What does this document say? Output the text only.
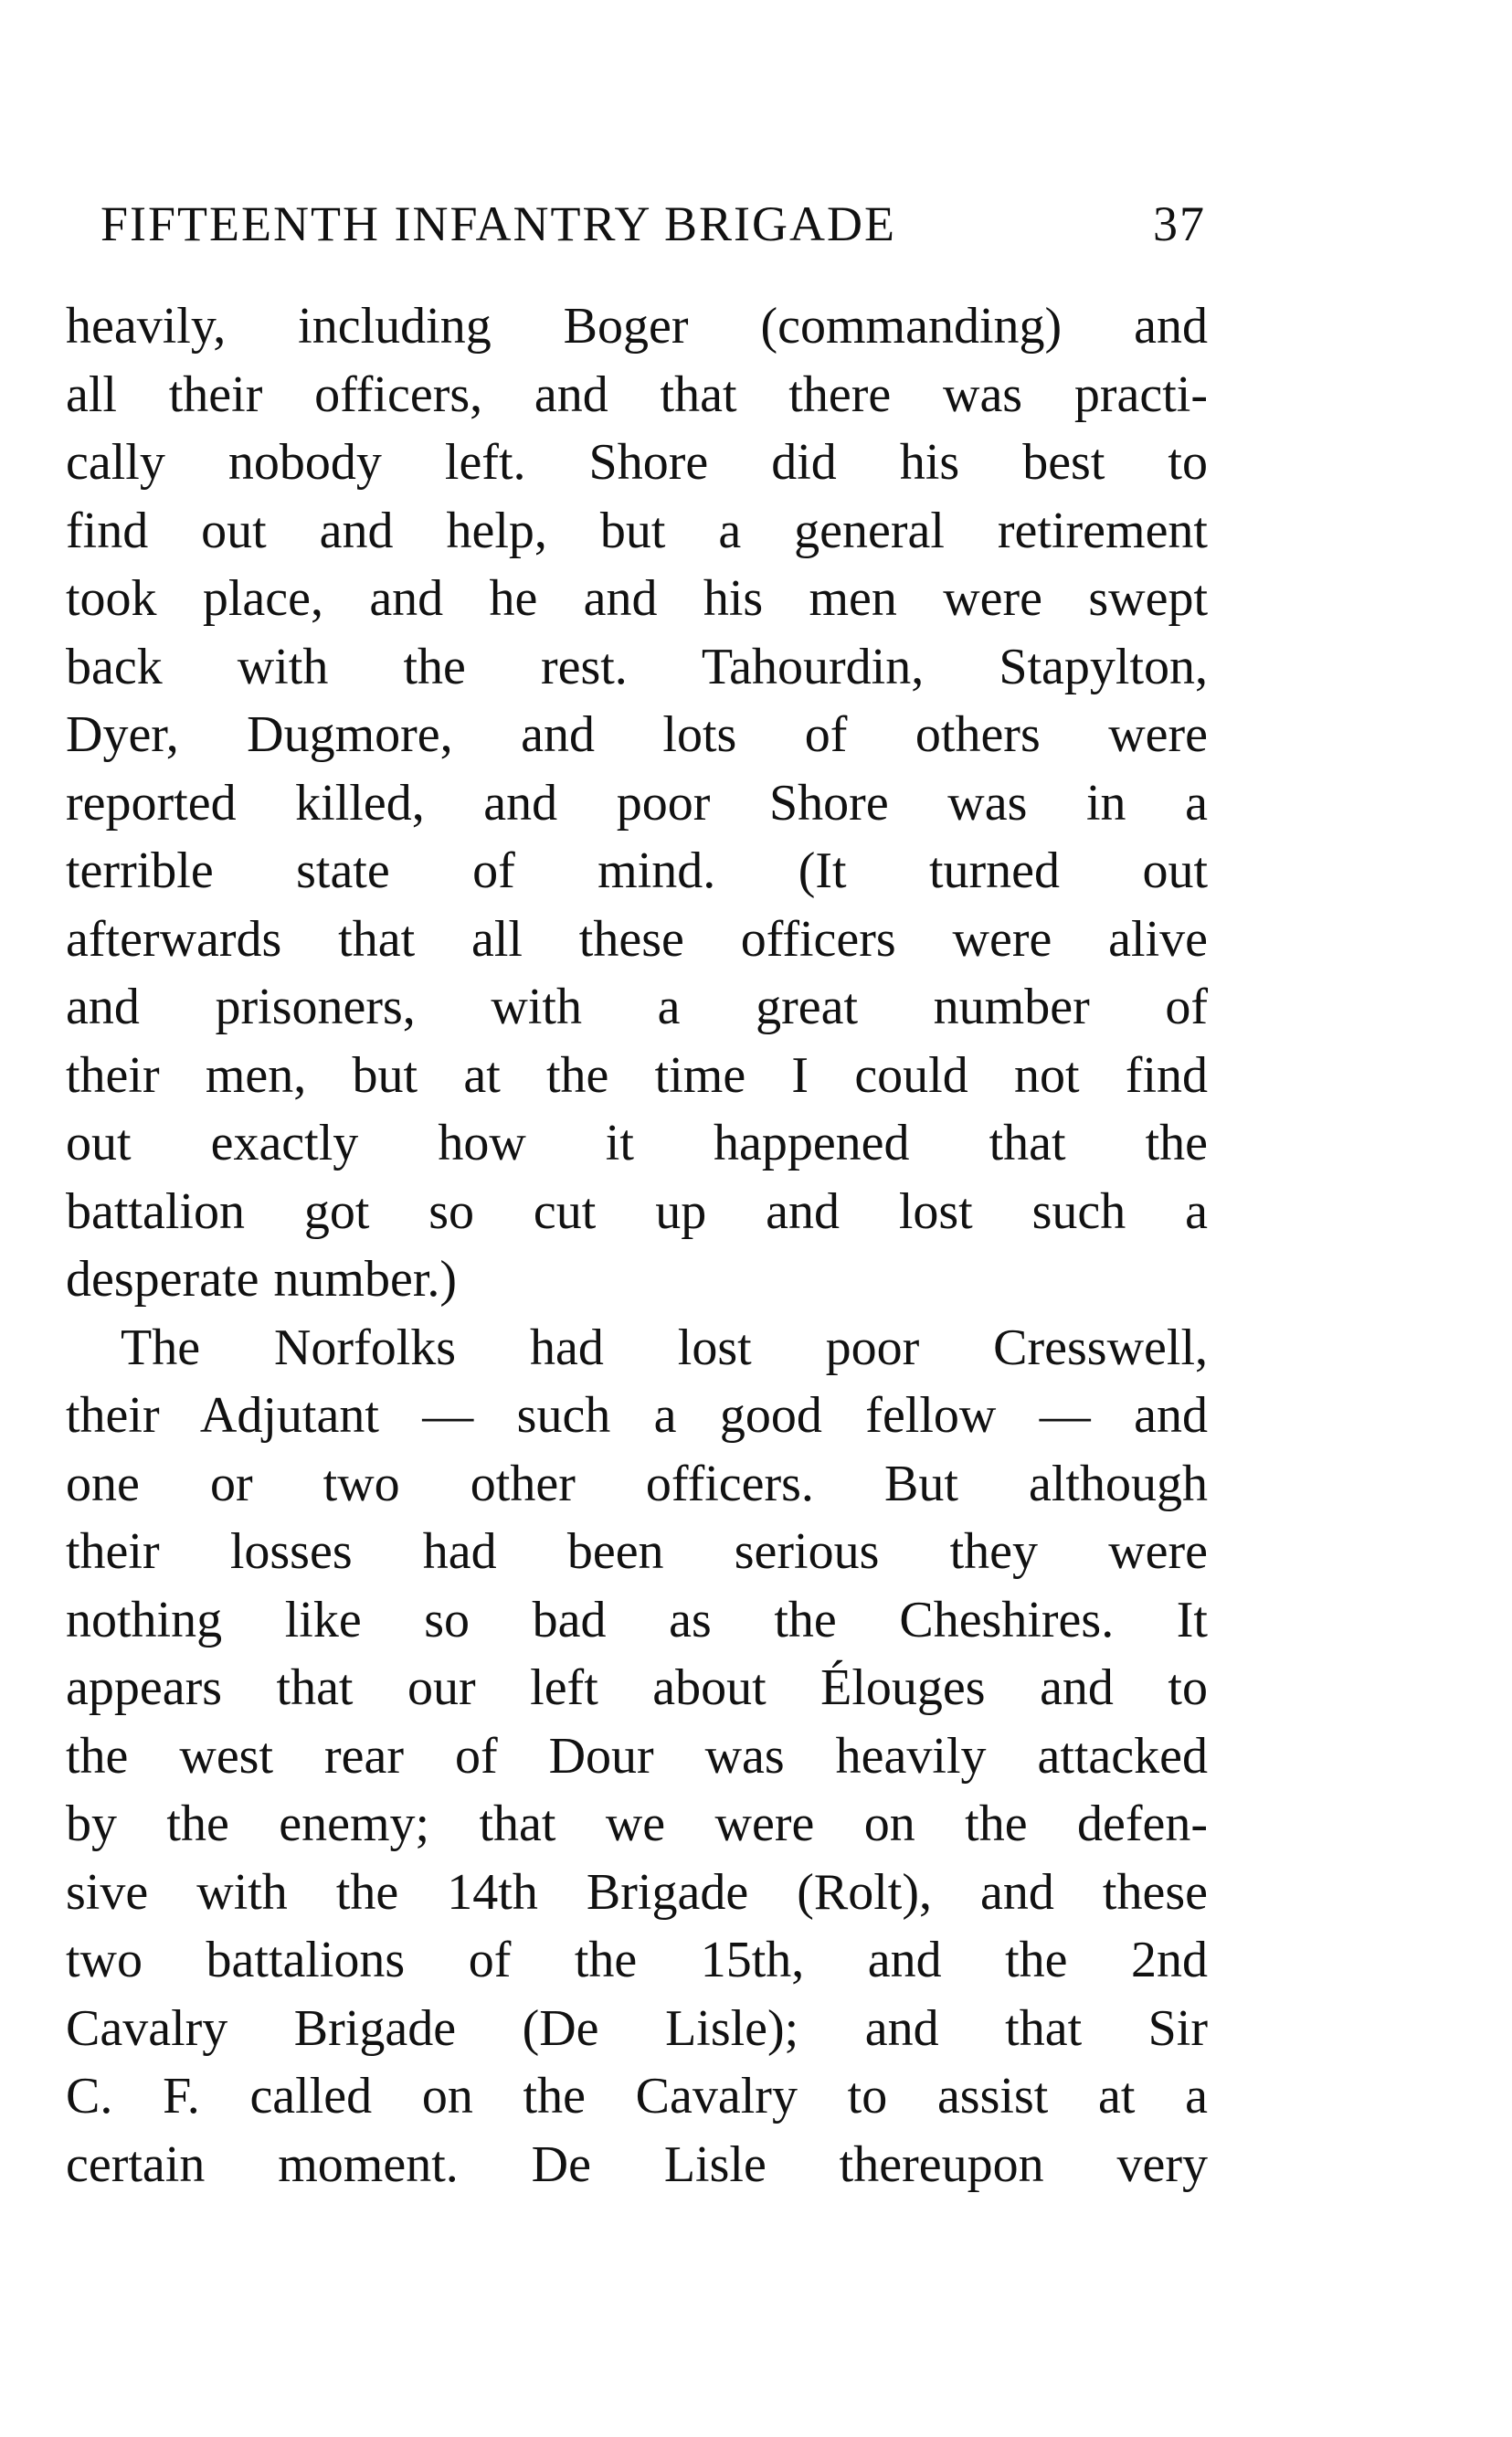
FIFTEENTH INFANTRY BRIGADE	37
heavily, including Boger (commanding) and
all their officers, and that there was practi-
cally nobody left. Shore did his best to
find out and help, but a general retirement
took place, and he and his men were swept
back with the rest. Tahourdin, Stapylton,
Dyer, Dugmore, and lots of others were
reported killed, and poor Shore was in a
terrible state of mind. (It turned out
afterwards that all these officers were alive
and prisoners, with a great number of
their men, but at the time I could not find
out exactly how it happened that the
battalion got so cut up and lost such a
desperate number.)
The Norfolks had lost poor Cresswell,
their Adjutant — such a good fellow — and
one or two other officers. But although
their losses had been serious they were
nothing like so bad as the Cheshires. It
appears that our left about Élouges and to
the west rear of Dour was heavily attacked
by the enemy; that we were on the defen-
sive with the 14th Brigade (Rolt), and these
two battalions of the 15th, and the 2nd
Cavalry Brigade (De Lisle); and that Sir
C. F. called on the Cavalry to assist at a
certain moment. De Lisle thereupon very
